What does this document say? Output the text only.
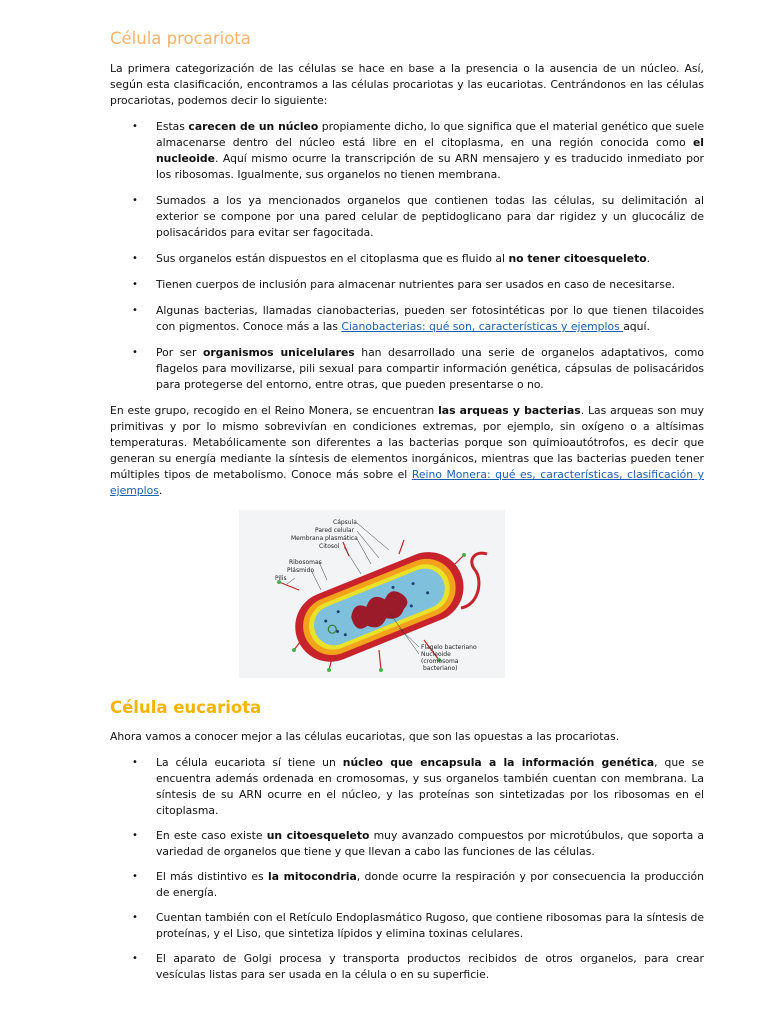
Célula procariota

La primera categorización de las células se hace en base a la presencia o la ausencia de un núcleo. Así, según esta clasificación, encontramos a las células procariotas y las eucariotas. Centrándonos en las células procariotas, podemos decir lo siguiente:

• Estas carecen de un núcleo propiamente dicho, lo que significa que el material genético que suele almacenarse dentro del núcleo está libre en el citoplasma, en una región conocida como el nucleoide. Aquí mismo ocurre la transcripción de su ARN mensajero y es traducido inmediato por los ribosomas. Igualmente, sus organelos no tienen membrana.
• Sumados a los ya mencionados organelos que contienen todas las células, su delimitación al exterior se compone por una pared celular de peptidoglicano para dar rigidez y un glucocáliz de polisacáridos para evitar ser fagocitada.
• Sus organelos están dispuestos en el citoplasma que es fluido al no tener citoesqueleto.
• Tienen cuerpos de inclusión para almacenar nutrientes para ser usados en caso de necesitarse.
• Algunas bacterias, llamadas cianobacterias, pueden ser fotosintéticas por lo que tienen tilacoides con pigmentos. Conoce más a las Cianobacterias: qué son, características y ejemplos aquí.
• Por ser organismos unicelulares han desarrollado una serie de organelos adaptativos, como flagelos para movilizarse, pili sexual para compartir información genética, cápsulas de polisacáridos para protegerse del entorno, entre otras, que pueden presentarse o no.

En este grupo, recogido en el Reino Monera, se encuentran las arqueas y bacterias. Las arqueas son muy primitivas y por lo mismo sobrevivían en condiciones extremas, por ejemplo, sin oxígeno o a altísimas temperaturas. Metabólicamente son diferentes a las bacterias porque son quimioautótrofos, es decir que generan su energía mediante la síntesis de elementos inorgánicos, mientras que las bacterias pueden tener múltiples tipos de metabolismo. Conoce más sobre el Reino Monera: qué es, características, clasificación y ejemplos.

Célula eucariota

Ahora vamos a conocer mejor a las células eucariotas, que son las opuestas a las procariotas.

• La célula eucariota sí tiene un núcleo que encapsula a la información genética, que se encuentra además ordenada en cromosomas, y sus organelos también cuentan con membrana. La síntesis de su ARN ocurre en el núcleo, y las proteínas son sintetizadas por los ribosomas en el citoplasma.
• En este caso existe un citoesqueleto muy avanzado compuestos por microtúbulos, que soporta a variedad de organelos que tiene y que llevan a cabo las funciones de las células.
• El más distintivo es la mitocondria, donde ocurre la respiración y por consecuencia la producción de energía.
• Cuentan también con el Retículo Endoplasmático Rugoso, que contiene ribosomas para la síntesis de proteínas, y el Liso, que sintetiza lípidos y elimina toxinas celulares.
• El aparato de Golgi procesa y transporta productos recibidos de otros organelos, para crear vesículas listas para ser usada en la célula o en su superficie.
Cápsula
Pared celular
Membrana plasmática
Citosol
Ribosomas
Plásmido
Pilis
Flagelo bacteriano
Nucleoide
(cromosoma
bacteriano)
